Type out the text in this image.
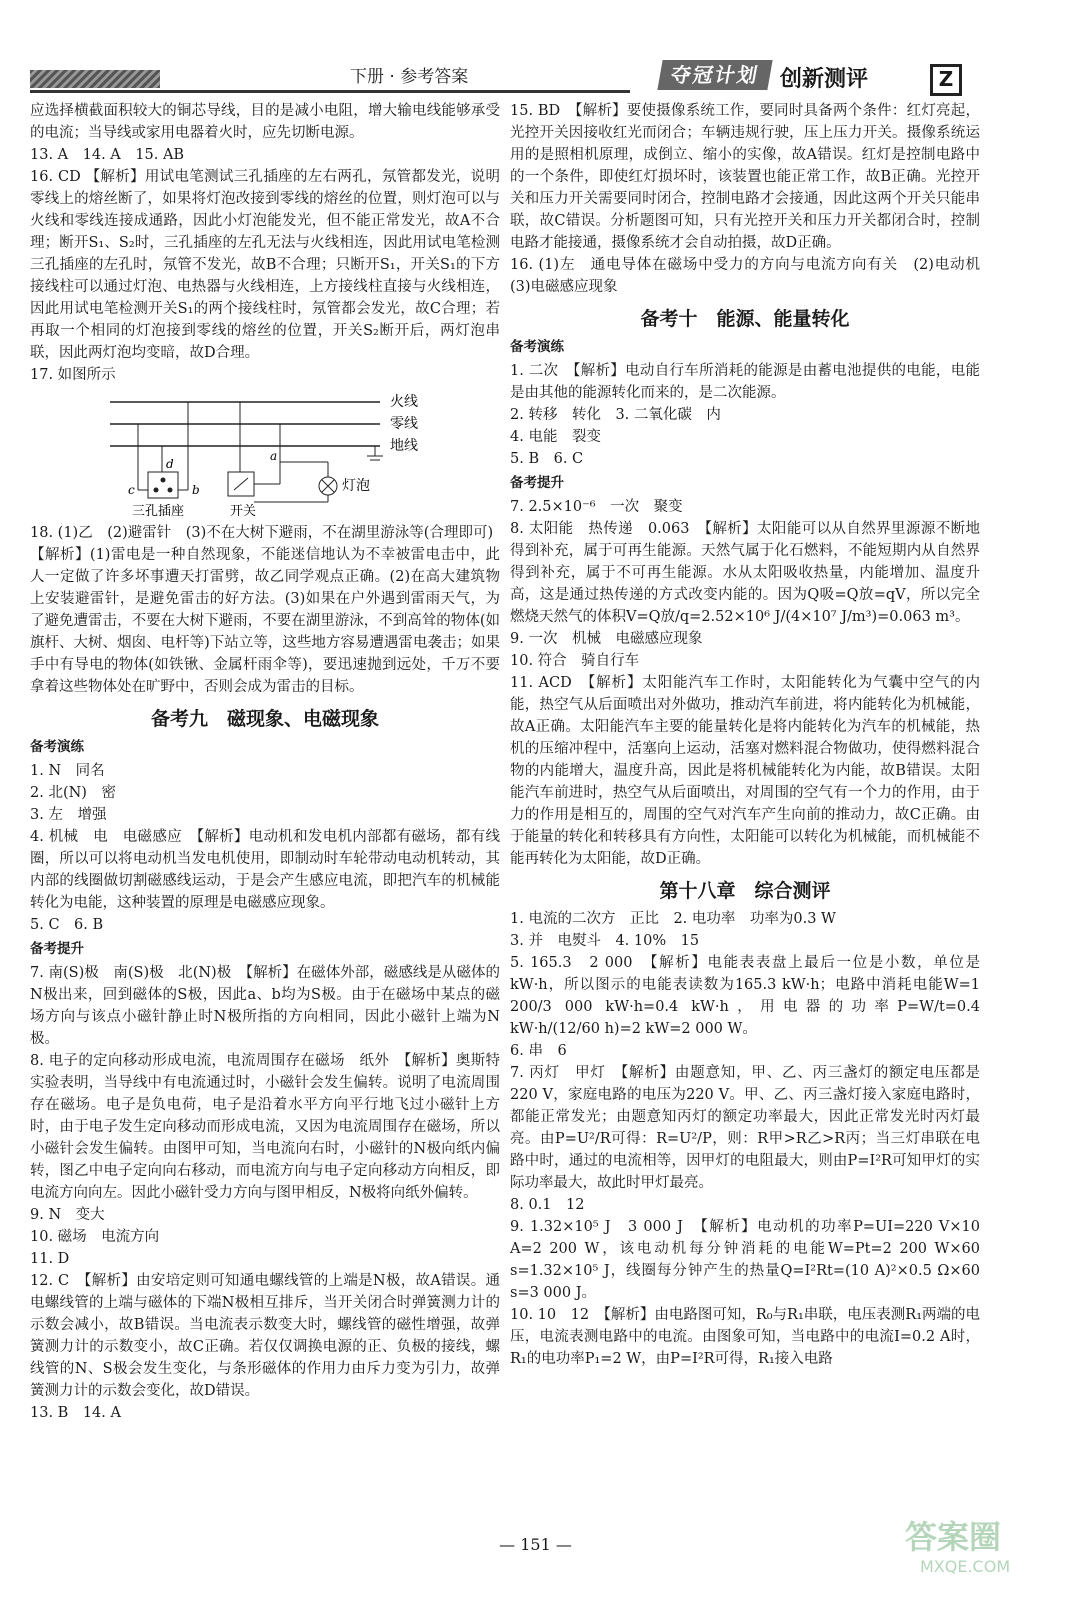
下册 · 参考答案	夺冠计划 创新测评	Z

应选择横截面积较大的铜芯导线，目的是减小电阻，增大输电线能够承受的电流；当导线或家用电器着火时，应先切断电源。

13. A　14. A　15. AB

16. CD 【解析】用试电笔测试三孔插座的左右两孔，氖管都发光，说明零线上的熔丝断了，如果将灯泡改接到零线的熔丝的位置，则灯泡可以与火线和零线连接成通路，因此小灯泡能发光，但不能正常发光，故A不合理；断开S₁、S₂时，三孔插座的左孔无法与火线相连，因此用试电笔检测三孔插座的左孔时，氖管不发光，故B不合理；只断开S₁，开关S₁的下方接线柱可以通过灯泡、电热器与火线相连，上方接线柱直接与火线相连，因此用试电笔检测开关S₁的两个接线柱时，氖管都会发光，故C合理；若再取一个相同的灯泡接到零线的熔丝的位置，开关S₂断开后，两灯泡串联，因此两灯泡均变暗，故D合理。

17. 如图所示

火线
零线
地线
c
d
b
三孔插座	开关
a
灯泡

18. (1)乙　(2)避雷针　(3)不在大树下避雨，不在湖里游泳等(合理即可)

【解析】(1)雷电是一种自然现象，不能迷信地认为不幸被雷电击中，此人一定做了许多坏事遭天打雷劈，故乙同学观点正确。(2)在高大建筑物上安装避雷针，是避免雷击的好方法。(3)如果在户外遇到雷雨天气，为了避免遭雷击，不要在大树下避雨，不要在湖里游泳，不到高耸的物体(如旗杆、大树、烟囱、电杆等)下站立等，这些地方容易遭遇雷电袭击；如果手中有导电的物体(如铁锹、金属杆雨伞等)，要迅速抛到远处，千万不要拿着这些物体处在旷野中，否则会成为雷击的目标。

备考九　磁现象、电磁现象
备考演练

1. N　同名

2. 北(N)　密

3. 左　增强

4. 机械　电　电磁感应　【解析】电动机和发电机内部都有磁场，都有线圈，所以可以将电动机当发电机使用，即制动时车轮带动电动机转动，其内部的线圈做切割磁感线运动，于是会产生感应电流，即把汽车的机械能转化为电能，这种装置的原理是电磁感应现象。

5. C　6. B

备考提升

7. 南(S)极　南(S)极　北(N)极　【解析】在磁体外部，磁感线是从磁体的N极出来，回到磁体的S极，因此a、b均为S极。由于在磁场中某点的磁场方向与该点小磁针静止时N极所指的方向相同，因此小磁针上端为N极。

8. 电子的定向移动形成电流，电流周围存在磁场　纸外　【解析】奥斯特实验表明，当导线中有电流通过时，小磁针会发生偏转。说明了电流周围存在磁场。电子是负电荷，电子是沿着水平方向平行地飞过小磁针上方时，由于电子发生定向移动而形成电流，又因为电流周围存在磁场，所以小磁针会发生偏转。由图甲可知，当电流向右时，小磁针的N极向纸内偏转，图乙中电子定向向右移动，而电流方向与电子定向移动方向相反，即电流方向向左。因此小磁针受力方向与图甲相反，N极将向纸外偏转。

9. N　变大

10. 磁场　电流方向

11. D

12. C　【解析】由安培定则可知通电螺线管的上端是N极，故A错误。通电螺线管的上端与磁体的下端N极相互排斥，当开关闭合时弹簧测力计的示数会减小，故B错误。当电流表示数变大时，螺线管的磁性增强，故弹簧测力计的示数变小，故C正确。若仅仅调换电源的正、负极的接线，螺线管的N、S极会发生变化，与条形磁体的作用力由斥力变为引力，故弹簧测力计的示数会变化，故D错误。

13. B　14. A

15. BD　【解析】要使摄像系统工作，要同时具备两个条件：红灯亮起，光控开关因接收红光而闭合；车辆违规行驶，压上压力开关。摄像系统运用的是照相机原理，成倒立、缩小的实像，故A错误。红灯是控制电路中的一个条件，即使红灯损坏时，该装置也能正常工作，故B正确。光控开关和压力开关需要同时闭合，控制电路才会接通，因此这两个开关只能串联，故C错误。分析题图可知，只有光控开关和压力开关都闭合时，控制电路才能接通，摄像系统才会自动拍摄，故D正确。

16. (1)左　通电导体在磁场中受力的方向与电流方向有关　(2)电动机　(3)电磁感应现象

备考十　能源、能量转化
备考演练

1. 二次　【解析】电动自行车所消耗的能源是由蓄电池提供的电能，电能是由其他的能源转化而来的，是二次能源。

2. 转移　转化　3. 二氧化碳　内

4. 电能　裂变

5. B　6. C

备考提升

7. 2.5×10⁻⁶　一次　聚变

8. 太阳能　热传递　0.063　【解析】太阳能可以从自然界里源源不断地得到补充，属于可再生能源。天然气属于化石燃料，不能短期内从自然界得到补充，属于不可再生能源。水从太阳吸收热量，内能增加、温度升高，这是通过热传递的方式改变内能的。因为Q吸=Q放=qV，所以完全燃烧天然气的体积V=Q放/q=2.52×10⁶ J/(4×10⁷ J/m³)=0.063 m³。

9. 一次　机械　电磁感应现象

10. 符合　骑自行车

11. ACD　【解析】太阳能汽车工作时，太阳能转化为气囊中空气的内能，热空气从后面喷出对外做功，推动汽车前进，将内能转化为机械能，故A正确。太阳能汽车主要的能量转化是将内能转化为汽车的机械能，热机的压缩冲程中，活塞向上运动，活塞对燃料混合物做功，使得燃料混合物的内能增大，温度升高，因此是将机械能转化为内能，故B错误。太阳能汽车前进时，热空气从后面喷出，对周围的空气有一个力的作用，由于力的作用是相互的，周围的空气对汽车产生向前的推动力，故C正确。由于能量的转化和转移具有方向性，太阳能可以转化为机械能，而机械能不能再转化为太阳能，故D正确。

第十八章　综合测评

1. 电流的二次方　正比　2. 电功率　功率为0.3 W

3. 并　电熨斗　4. 10%　15

5. 165.3　2 000　【解析】电能表表盘上最后一位是小数，单位是kW·h，所以图示的电能表读数为165.3 kW·h；电路中消耗电能W=1 200/3 000 kW·h=0.4 kW·h，用电器的功率P=W/t=0.4 kW·h/(12/60 h)=2 kW=2 000 W。

6. 串　6

7. 丙灯　甲灯　【解析】由题意知，甲、乙、丙三盏灯的额定电压都是220 V，家庭电路的电压为220 V。甲、乙、丙三盏灯接入家庭电路时，都能正常发光；由题意知丙灯的额定功率最大，因此正常发光时丙灯最亮。由P=U²/R可得：R=U²/P，则：R甲>R乙>R丙；当三灯串联在电路中时，通过的电流相等，因甲灯的电阻最大，则由P=I²R可知甲灯的实际功率最大，故此时甲灯最亮。

8. 0.1　12

9. 1.32×10⁵ J　3 000 J　【解析】电动机的功率P=UI=220 V×10 A=2 200 W，该电动机每分钟消耗的电能W=Pt=2 200 W×60 s=1.32×10⁵ J，线圈每分钟产生的热量Q=I²Rt=(10 A)²×0.5 Ω×60 s=3 000 J。

10. 10　12　【解析】由电路图可知，R₀与R₁串联，电压表测R₁两端的电压，电流表测电路中的电流。由图象可知，当电路中的电流I=0.2 A时，R₁的电功率P₁=2 W，由P=I²R可得，R₁接入电路

— 151 —	答案圈
MXQE.COM
